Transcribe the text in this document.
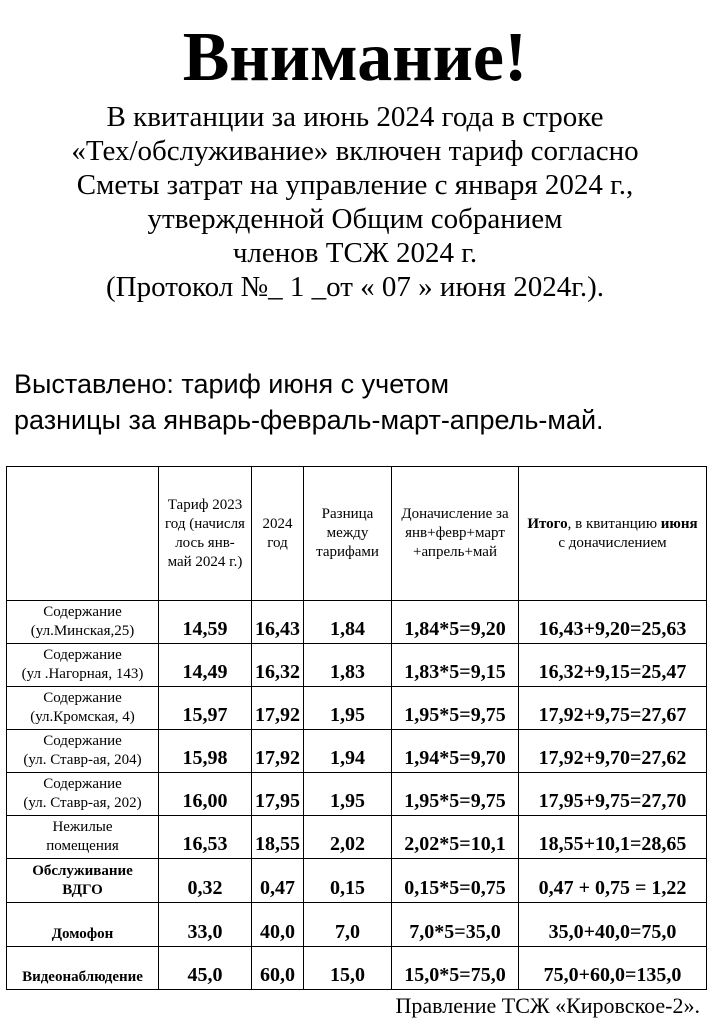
Внимание!
В квитанции за июнь 2024 года в строке
«Тех/обслуживание» включен тариф согласно
Сметы затрат на управление с января 2024 г.,
утвержденной Общим собранием
членов ТСЖ 2024 г.
(Протокол №_ 1 _от « 07 » июня 2024г.).
Выставлено: тариф июня с учетом
разницы за январь-февраль-март-апрель-май.
	Тариф 2023 год (начисля лось янв-май 2024 г.)	2024 год	Разница между тарифами	Доначисление за янв+февр+март +апрель+май	Итого, в квитанцию июня с доначислением

Содержание
(ул.Минская,25)	14,59	16,43	1,84	1,84*5=9,20	16,43+9,20=25,63

Содержание
(ул .Нагорная, 143)	14,49	16,32	1,83	1,83*5=9,15	16,32+9,15=25,47

Содержание
(ул.Кромская, 4)	15,97	17,92	1,95	1,95*5=9,75	17,92+9,75=27,67

Содержание
(ул. Ставр-ая, 204)	15,98	17,92	1,94	1,94*5=9,70	17,92+9,70=27,62

Содержание
(ул. Ставр-ая, 202)	16,00	17,95	1,95	1,95*5=9,75	17,95+9,75=27,70

Нежилые
помещения	16,53	18,55	2,02	2,02*5=10,1	18,55+10,1=28,65

Обслуживание
ВДГО	0,32	0,47	0,15	0,15*5=0,75	0,47 + 0,75 = 1,22

Домофон	33,0	40,0	7,0	7,0*5=35,0	35,0+40,0=75,0

Видеонаблюдение	45,0	60,0	15,0	15,0*5=75,0	75,0+60,0=135,0
Правление ТСЖ «Кировское-2».
